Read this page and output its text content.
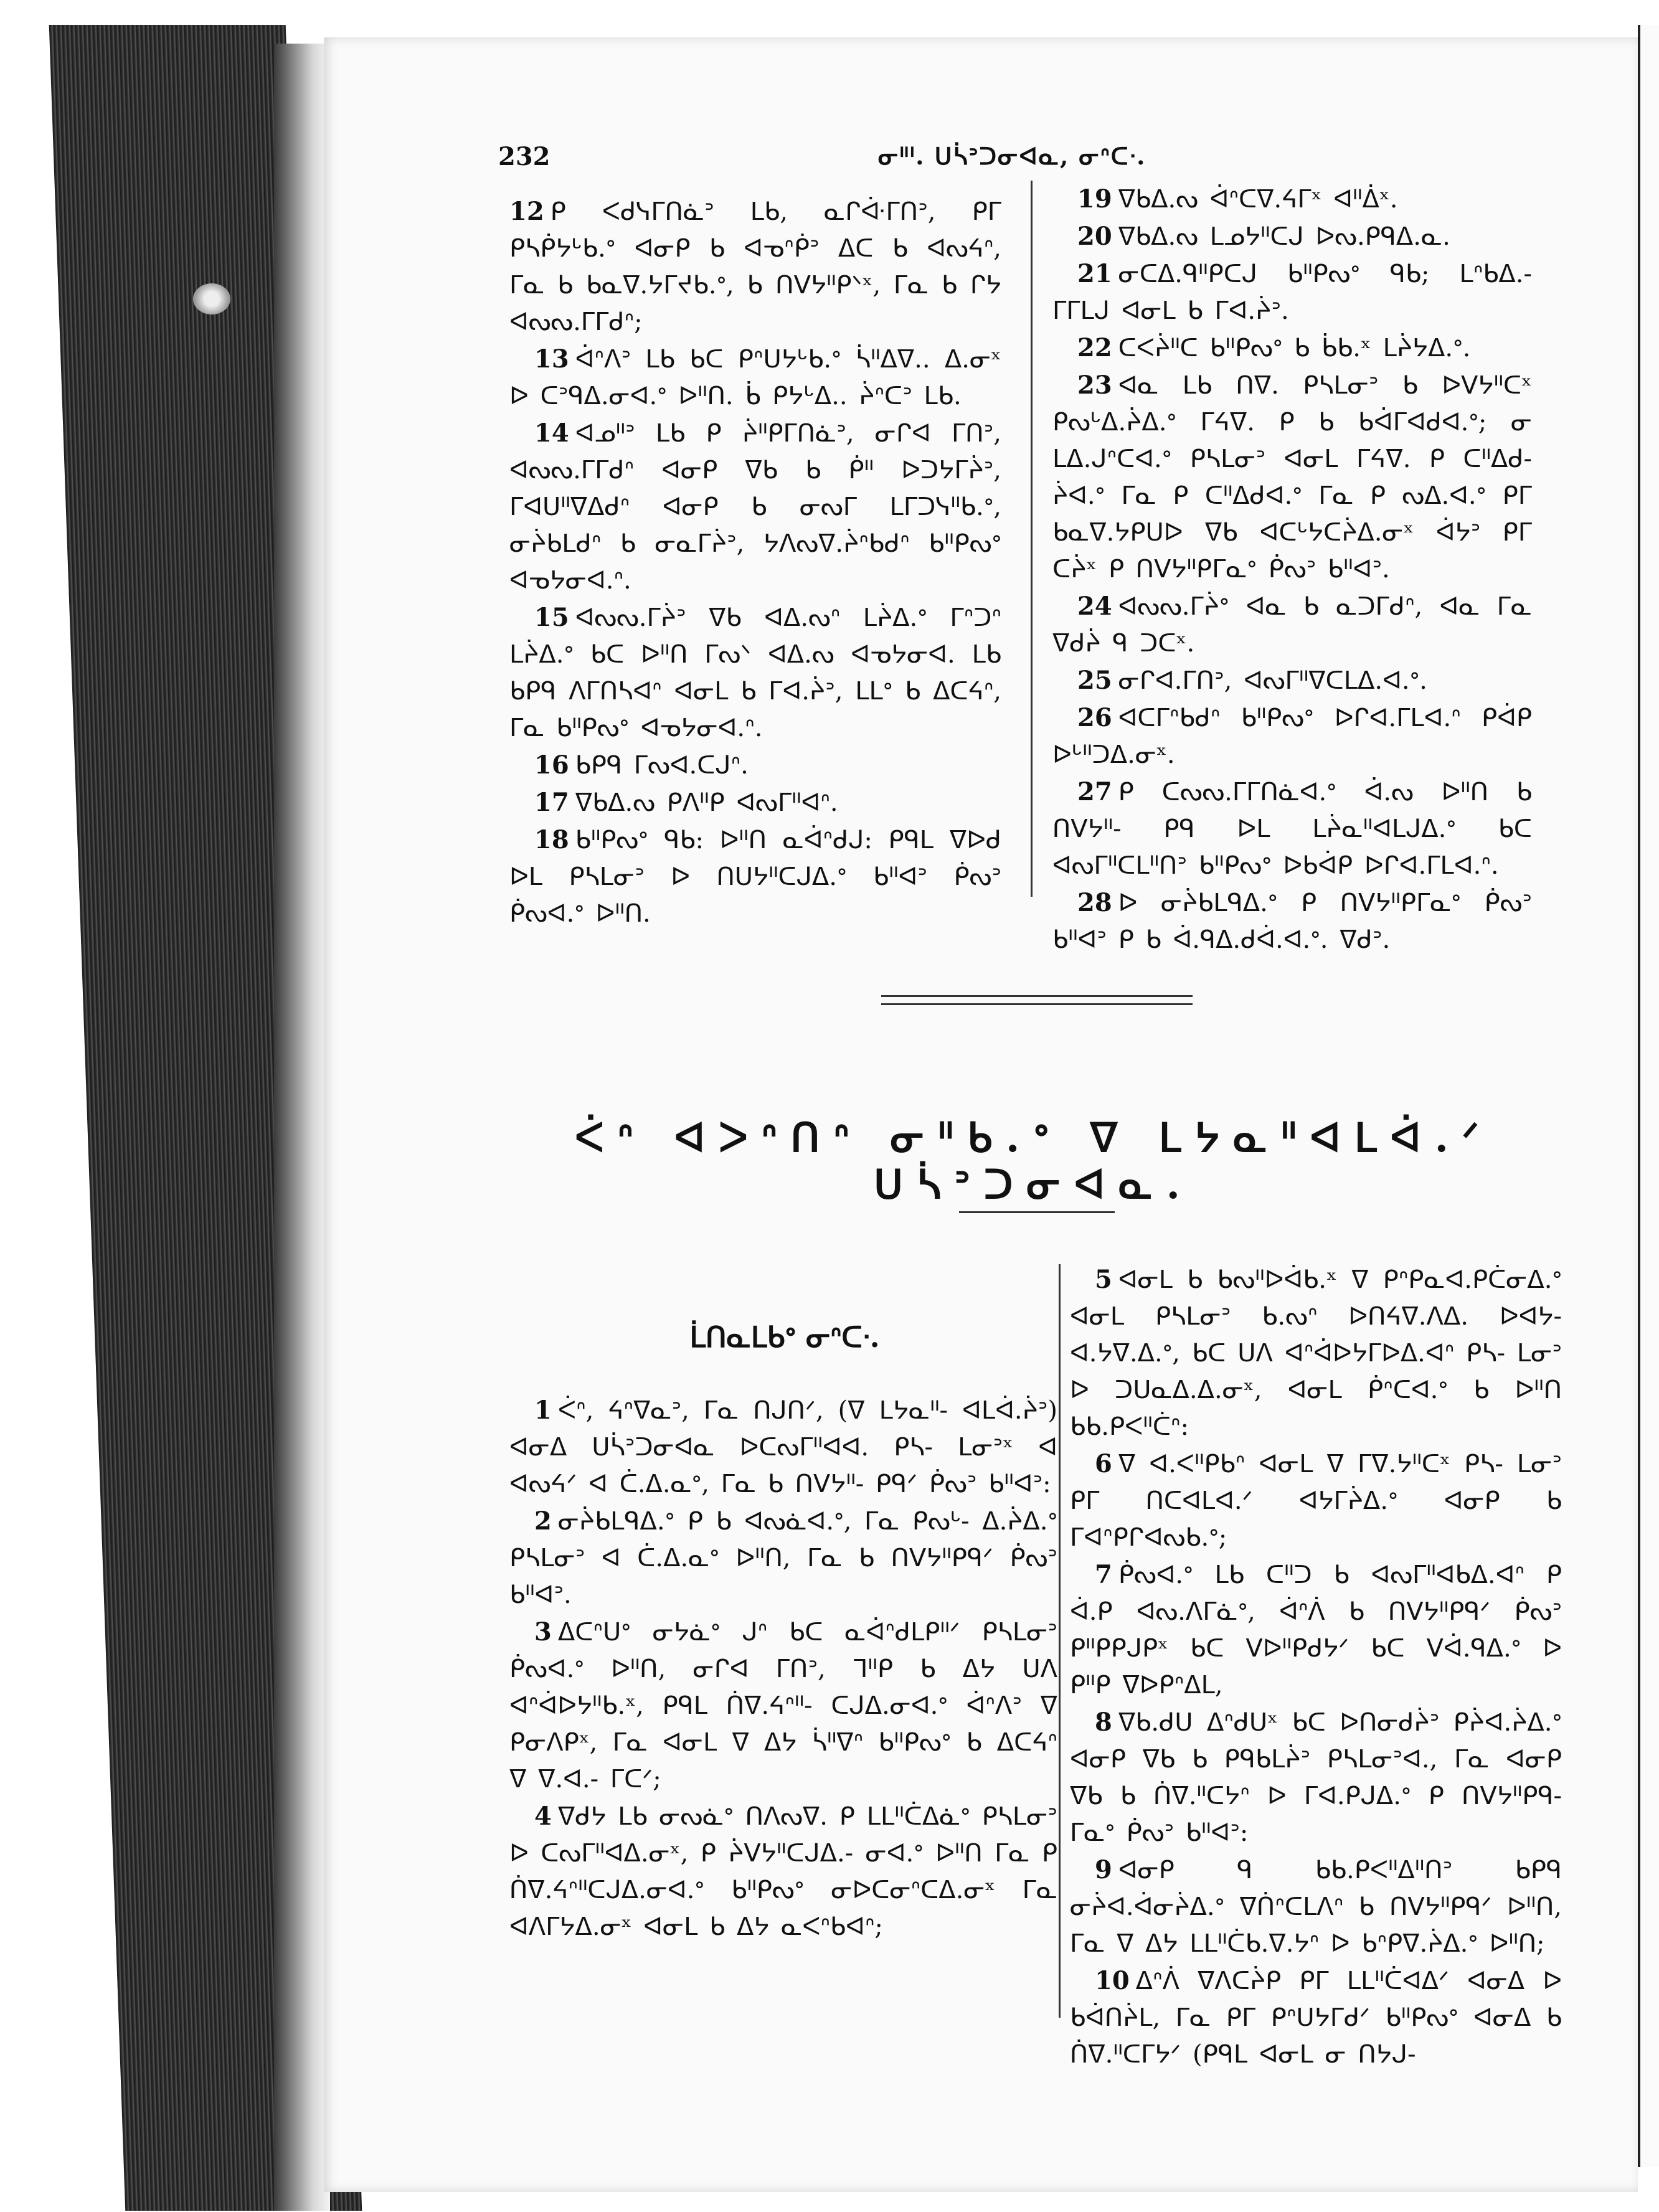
232	ᓂᐦᑊ. ᑌᓵᐣᑐᓂᐊᓇ, ᓂᐢᑕᐧ.

12 ᑭ ᐸᑯᓭᒥᑎᓈᐣ ᒪᑲ, ᓇᒋᐚᒥᑎᐣ, ᑭᒥ ᑭᓴᑮᔭᒡᑲ.ᐤ ᐊᓂᑭ ᑲ ᐊᓀᐢᑮᐣ ᐃᑕ ᑲ ᐊᔓᔦᐢ, ᒥᓇ ᑲ ᑲᓇᐁ.ᔭᒥᔪᑲ.ᐤ, ᑲ ᑎᐯᔭᐦᑭᐠˣ, ᒥᓇ ᑲ ᒋᔭ ᐊᔓᔓ.ᒥᒥᑯᐢ;

13 ᐋᐢᐱᐣ ᒪᑲ ᑲᑕ ᑭᐢᑌᔭᒡᑲ.ᐤ ᓵᐦᐃᐁ.. ᐃ.ᓂˣ ᐅ ᑕᐣᑫᐃ.ᓂᐊ.ᐤ ᐅᐦᑎ. ᑳ ᑭᔭᒡᐃ.. ᔩᐢᑕᐣ ᒪᑲ.

14 ᐊᓄᐦᐣ ᒪᑲ ᑭ ᔩᐦᑭᒥᑎᓈᐣ, ᓂᒋᐊ ᒥᑎᐣ, ᐊᔓᔓ.ᒥᒥᑯᐢ ᐊᓂᑭ ᐁᑲ ᑲ ᑮᐦ ᐅᑐᔭᒥᔩᐣ, ᒥᐊᑌᐦᐁᐃᑯᐢ ᐊᓂᑭ ᑲ ᓂᔓᒥ ᒪᒥᑐᓭᐦᑲ.ᐤ, ᓂᔩᑲᒪᑯᐢ ᑲ ᓂᓇᒥᔩᐣ, ᔭᐱᔓᐁ.ᔩᐢᑲᑯᐢ ᑲᐦᑭᔓᐤ ᐊᓀᔭᓂᐊ.ᐢ.

15 ᐊᔓᔓ.ᒥᔩᐣ ᐁᑲ ᐊᐃ.ᔓᐢ ᒪᔩᐃ.ᐤ ᒥᐢᑐᐢ ᒪᔩᐃ.ᐤ ᑲᑕ ᐅᐦᑎ ᒥᔓᐠ ᐊᐃ.ᔓ ᐊᓀᔭᓂᐊ. ᒪᑲ ᑲᑭᑫ ᐱᒥᑎᓴᐊᐢ ᐊᓂᒪ ᑲ ᒥᐊ.ᔩᐣ, ᒪᒪᐤ ᑲ ᐃᑕᔦᐢ, ᒥᓇ ᑲᐦᑭᔓᐤ ᐊᓀᔭᓂᐊ.ᐢ.

16 ᑲᑭᑫ ᒥᔓᐊ.ᑕᒍᐢ.

17 ᐁᑲᐃ.ᔓ ᑭᐱᐦᑭ ᐊᔓᒥᐦᐊᐢ.

18 ᑲᐦᑭᔓᐤ ᑫᑲ: ᐅᐦᑎ ᓇᐋᐢᑯᒍ: ᑭᑫᒪ ᐁᐅᑯ ᐅᒪ ᑭᓴᒪᓂᐣ ᐅ ᑎᑌᔭᐦᑕᒍᐃ.ᐤ ᑲᐦᐊᐣ ᑮᔓᐣ ᑮᔓᐊ.ᐤ ᐅᐦᑎ.

19 ᐁᑲᐃ.ᔓ ᐋᐢᑕᐁ.ᔦᒥˣ ᐊᐦᐄˣ.

20 ᐁᑲᐃ.ᔓ ᒪᓄᔭᐦᑕᒍ ᐅᔓ.ᑭᑫᐃ.ᓇ.

21 ᓂᑕᐃ.ᑫᐦᑭᑕᒍ ᑲᐦᑭᔓᐤ ᑫᑲ; ᒪᐢᑲᐃ.- ᒥᒥᒪᒍ ᐊᓂᒪ ᑲ ᒥᐊ.ᔩᐣ.

22 ᑕᐸᔩᐦᑕ ᑲᐦᑭᔓᐤ ᑲ ᑳᑲ.ˣ ᒪᔩᔭᐃ.ᐤ.

23 ᐊᓇ ᒪᑲ ᑎᐁ. ᑭᓴᒪᓂᐣ ᑲ ᐅᐯᔭᐦᑕˣ ᑭᔓᒡᐃ.ᔩᐃ.ᐤ ᒥᔦᐁ. ᑭ ᑲ ᑲᐋᒥᐊᑯᐊ.ᐤ; ᓂ ᒪᐃ.ᒍᐢᑕᐊ.ᐤ ᑭᓴᒪᓂᐣ ᐊᓂᒪ ᒥᔦᐁ. ᑭ ᑕᐦᐃᑯ- ᔩᐊ.ᐤ ᒥᓇ ᑭ ᑕᐦᐃᑯᐊ.ᐤ ᒥᓇ ᑭ ᔓᐃ.ᐊ.ᐤ ᑭᒥ ᑲᓇᐁ.ᔭᑭᑌᐅ ᐁᑲ ᐊᑕᒡᔭᑕᔩᐃ.ᓂˣ ᐋᔭᐣ ᑭᒥ ᑕᔩˣ ᑭ ᑎᐯᔭᐦᑭᒥᓇᐤ ᑮᔓᐣ ᑲᐦᐊᐣ.

24 ᐊᔓᔓ.ᒥᔩᐤ ᐊᓇ ᑲ ᓇᑐᒥᑯᐢ, ᐊᓇ ᒥᓇ ᐁᑯᔩ ᑫ ᑐᑕˣ.

25 ᓂᒋᐊ.ᒥᑎᐣ, ᐊᔓᒥᐦᐁᑕᒪᐃ.ᐊ.ᐤ.

26 ᐊᑕᒥᐢᑲᑯᐢ ᑲᐦᑭᔓᐤ ᐅᒋᐊ.ᒥᒪᐊ.ᐢ ᑭᐋᑭ ᐅᒡᐦᑐᐃ.ᓂˣ.

27 ᑭ ᑕᔓᔓ.ᒥᒥᑎᓈᐊ.ᐤ ᐋ.ᔓ ᐅᐦᑎ ᑲ ᑎᐯᔭᐦ- ᑭᑫ ᐅᒪ ᒪᔩᓇᐦᐊᒪᒍᐃ.ᐤ ᑲᑕ ᐊᔓᒥᐦᑕᒪᐦᑎᐣ ᑲᐦᑭᔓᐤ ᐅᑲᐋᑭ ᐅᒋᐊ.ᒥᒪᐊ.ᐢ.

28 ᐅ ᓂᔩᑲᒪᑫᐃ.ᐤ ᑭ ᑎᐯᔭᐦᑭᒥᓇᐤ ᑮᔓᐣ ᑲᐦᐊᐣ ᑭ ᑲ ᐋ.ᑫᐃ.ᑯᐋ.ᐊ.ᐤ. ᐁᑯᐣ.

ᐹᐢ ᐊᐳᐢᑎᐢ ᓂᐦᑲ.ᐤ ᐁ ᒪᔭᓇᐦᐊᒪᐋ.ᐟ ᑌᓵᐣᑐᓂᐊᓇ.
ᒫᑎᓇᒪᑲᐤ ᓂᐢᑕᐧ.

1 ᐹᐢ, ᔦᐢᐁᓇᐣ, ᒥᓇ ᑎᒍᑎᐟ, (ᐁ ᒪᔭᓇᐦ- ᐊᒪᐋ.ᔩᐣ) ᐊᓂᐃ ᑌᓵᐣᑐᓂᐊᓇ ᐅᑕᔓᒥᐦᐊᐊ. ᑭᓴ- ᒪᓂᐣˣ ᐊ ᐊᔓᔦᐟ ᐊ ᑖ.ᐃ.ᓇᐤ, ᒥᓇ ᑲ ᑎᐯᔭᐦ- ᑭᑫᐟ ᑮᔓᐣ ᑲᐦᐊᐣ:

2 ᓂᔩᑲᒪᑫᐃ.ᐤ ᑭ ᑲ ᐊᔓᓈᐊ.ᐤ, ᒥᓇ ᑭᔓᒡ- ᐃ.ᔩᐃ.ᐤ ᑭᓴᒪᓂᐣ ᐊ ᑖ.ᐃ.ᓇᐤ ᐅᐦᑎ, ᒥᓇ ᑲ ᑎᐯᔭᐦᑭᑫᐟ ᑮᔓᐣ ᑲᐦᐊᐣ.

3 ᐃᑕᐢᑌᐤ ᓂᔭᓈᐤ ᒍᐢ ᑲᑕ ᓇᐋᐢᑯᒪᑭᐦᐟ ᑭᓴᒪᓂᐣ ᑮᔓᐊ.ᐤ ᐅᐦᑎ, ᓂᒋᐊ ᒥᑎᐣ, ᒣᐦᑭ ᑲ ᐃᔭ ᑌᐱ ᐊᐢᐋᐅᔭᐦᑲ.ˣ, ᑭᑫᒪ ᑏᐁ.ᔦᐢᐦ- ᑕᒍᐃ.ᓂᐊ.ᐤ ᐋᐢᐱᐣ ᐁ ᑭᓂᐱᑭˣ, ᒥᓇ ᐊᓂᒪ ᐁ ᐃᔭ ᓵᐦᐁᐢ ᑲᐦᑭᔓᐤ ᑲ ᐃᑕᔦᐢ ᐁ ᐁ.ᐊ.- ᒥᑕᐟ;

4 ᐁᑯᔭ ᒪᑲ ᓂᔓᓈᐤ ᑎᐱᔓᐁ. ᑭ ᒪᒪᐦᑖᐃᓈᐤ ᑭᓴᒪᓂᐣ ᐅ ᑕᔓᒥᐦᐊᐃ.ᓂˣ, ᑭ ᔩᐯᔭᐦᑕᒍᐃ.- ᓂᐊ.ᐤ ᐅᐦᑎ ᒥᓇ ᑭ ᑏᐁ.ᔦᐢᐦᑕᒍᐃ.ᓂᐊ.ᐤ ᑲᐦᑭᔓᐤ ᓂᐅᑕᓂᐢᑕᐃ.ᓂˣ ᒥᓇ ᐊᐱᒥᔭᐃ.ᓂˣ ᐊᓂᒪ ᑲ ᐃᔭ ᓇᐸᐢᑲᐊᐢ;

5 ᐊᓂᒪ ᑲ ᑲᔓᐦᐅᐋᑲ.ˣ ᐁ ᑭᐢᑭᓇᐊ.ᑭᑖᓂᐃ.ᐤ ᐊᓂᒪ ᑭᓴᒪᓂᐣ ᑲ.ᔓᐢ ᐅᑎᔦᐁ.ᐱᐃ. ᐅᐊᔭ- ᐊ.ᔭᐁ.ᐃ.ᐤ, ᑲᑕ ᑌᐱ ᐊᐢᐋᐅᔭᒥᐅᐃ.ᐊᐢ ᑭᓴ- ᒪᓂᐣ ᐅ ᑐᑌᓇᐃ.ᐃ.ᓂˣ, ᐊᓂᒪ ᑮᐢᑕᐊ.ᐤ ᑲ ᐅᐦᑎ ᑲᑲ.ᑭᐸᐦᑖᐢ:

6 ᐁ ᐊ.ᐸᐦᑭᑲᐢ ᐊᓂᒪ ᐁ ᒥᐁ.ᔭᐦᑕˣ ᑭᓴ- ᒪᓂᐣ ᑭᒥ ᑎᑕᐊᒪᐊ.ᐟ ᐊᔭᒥᔩᐃ.ᐤ ᐊᓂᑭ ᑲ ᒥᐊᐢᑭᒋᐊᔓᑲ.ᐤ;

7 ᑮᔓᐊ.ᐤ ᒪᑲ ᑕᐦᑐ ᑲ ᐊᔓᒥᐦᐊᑲᐃ.ᐊᐢ ᑭ ᐋ.ᑭ ᐊᔓ.ᐱᒥᓈᐤ, ᐋᐢᐲ ᑲ ᑎᐯᔭᐦᑭᑫᐟ ᑮᔓᐣ ᑭᐦᑭᑭᒍᑭˣ ᑲᑕ ᐯᐅᐦᑭᑯᔭᐟ ᑲᑕ ᐯᐋ.ᑫᐃ.ᐤ ᐅ ᑭᐦᑭ ᐁᐅᑭᐢᐃᒪ,

8 ᐁᑲ.ᑯᑌ ᐃᐢᑯᑌˣ ᑲᑕ ᐅᑎᓂᑯᔩᐣ ᑭᔩᐊ.ᔩᐃ.ᐤ ᐊᓂᑭ ᐁᑲ ᑲ ᑭᑫᑲᒪᔩᐣ ᑭᓴᒪᓂᐣᐊ., ᒥᓇ ᐊᓂᑭ ᐁᑲ ᑲ ᑏᐁ.ᐦᑕᔭᐢ ᐅ ᒥᐊ.ᑭᒍᐃ.ᐤ ᑭ ᑎᐯᔭᐦᑭᑫ- ᒥᓇᐤ ᑮᔓᐣ ᑲᐦᐊᐣ:

9 ᐊᓂᑭ ᑫ ᑲᑲ.ᑭᐸᐦᐃᐦᑎᐣ ᑲᑭᑫ ᓂᔩᐊ.ᐋᓂᔩᐃ.ᐤ ᐁᑏᐢᑕᒪᐱᐢ ᑲ ᑎᐯᔭᐦᑭᑫᐟ ᐅᐦᑎ, ᒥᓇ ᐁ ᐃᔭ ᒪᒪᐦᑖᑲ.ᐁ.ᔭᐢ ᐅ ᑲᐢᑭᐁ.ᔩᐃ.ᐤ ᐅᐦᑎ;

10 ᐃᐢᐲ ᐁᐱᑕᔩᑭ ᑭᒥ ᒪᒪᐦᑖᐊᐃᐟ ᐊᓂᐃ ᐅ ᑲᐋᑎᔩᒪ, ᒥᓇ ᑭᒥ ᑭᐢᑌᔭᒥᑯᐟ ᑲᐦᑭᔓᐤ ᐊᓂᐃ ᑲ ᑏᐁ.ᐦᑕᒥᔭᐟ (ᑭᑫᒪ ᐊᓂᒪ ᓂ ᑎᔭᒍ-
